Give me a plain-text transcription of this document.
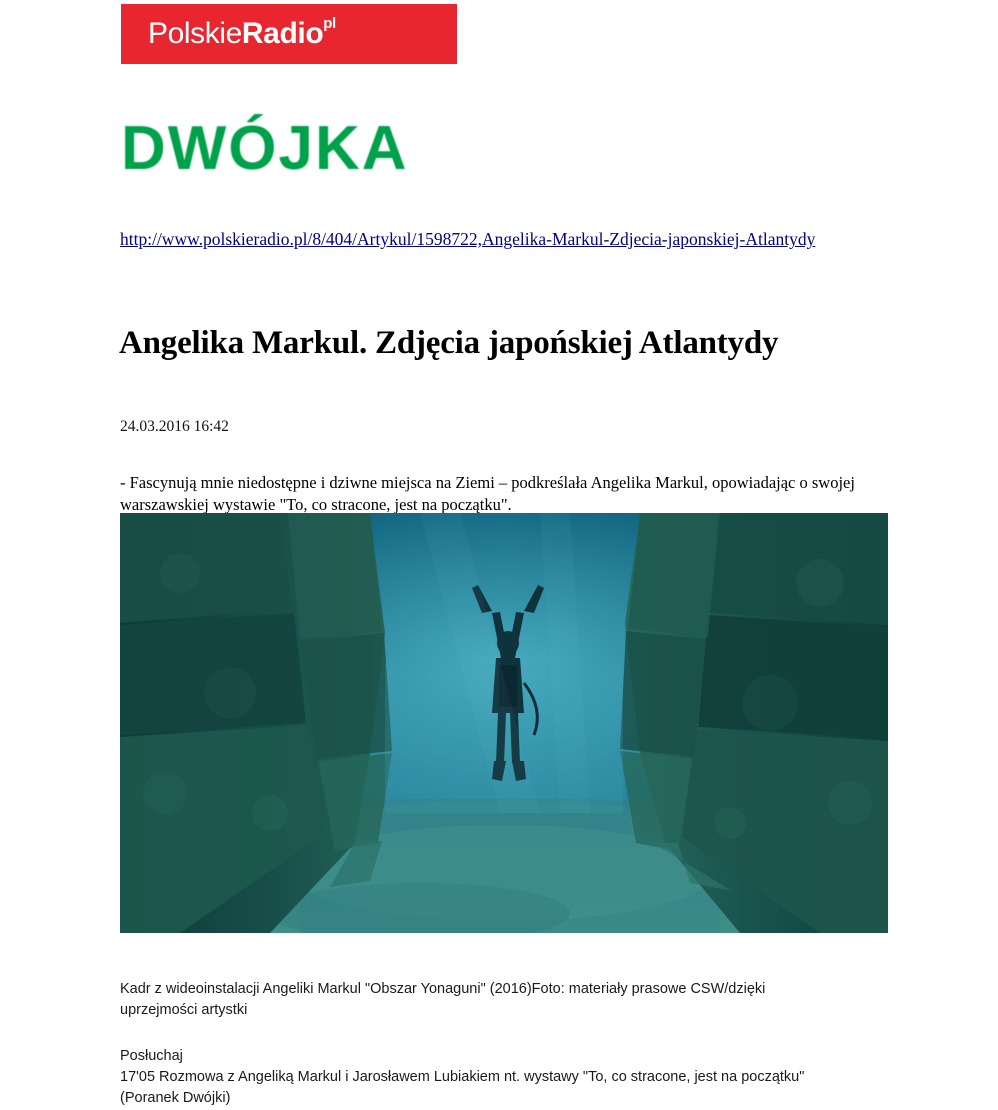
PolskieRadio$^{pl}$
DWÓJKA
http://www.polskieradio.pl/8/404/Artykul/1598722,Angelika-Markul-Zdjecia-japonskiej-Atlantydy
Angelika Markul. Zdjęcia japońskiej Atlantydy
24.03.2016 16:42

- Fascynują mnie niedostępne i dziwne miejsca na Ziemi – podkreślała Angelika Markul, opowiadając o swojej warszawskiej wystawie "To, co stracone, jest na początku".

Kadr z wideoinstalacji Angeliki Markul "Obszar Yonaguni" (2016)Foto: materiały prasowe CSW/dzięki uprzejmości artystki
Posłuchaj
17'05 Rozmowa z Angeliką Markul i Jarosławem Lubiakiem nt. wystawy "To, co stracone, jest na początku"
(Poranek Dwójki)
